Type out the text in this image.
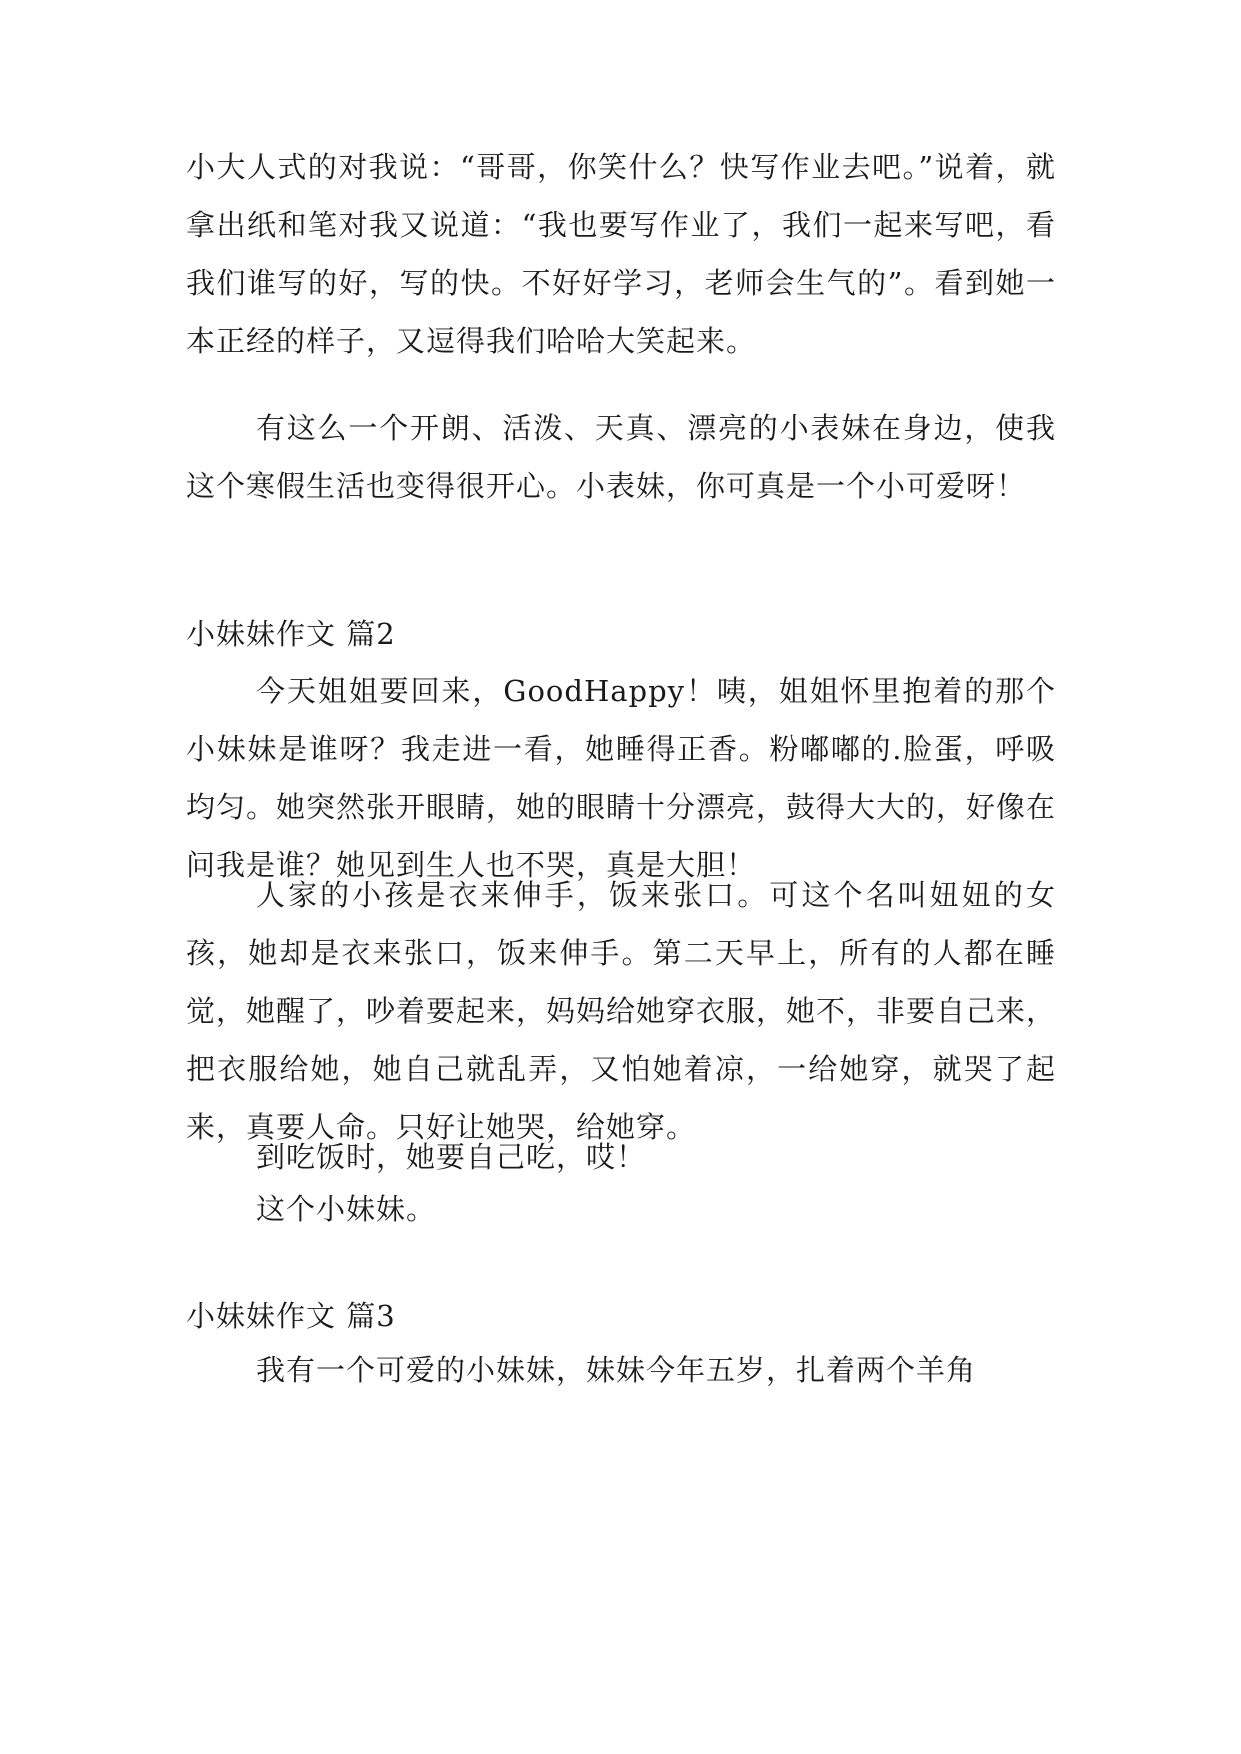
小大人式的对我说：“哥哥，你笑什么？快写作业去吧。”说着，就拿出纸和笔对我又说道：“我也要写作业了，我们一起来写吧，看我们谁写的好，写的快。不好好学习，老师会生气的”。看到她一本正经的样子，又逗得我们哈哈大笑起来。

有这么一个开朗、活泼、天真、漂亮的小表妹在身边，使我这个寒假生活也变得很开心。小表妹，你可真是一个小可爱呀！

小妹妹作文 篇2

今天姐姐要回来，GoodHappy！咦，姐姐怀里抱着的那个小妹妹是谁呀？我走进一看，她睡得正香。粉嘟嘟的.脸蛋，呼吸均匀。她突然张开眼睛，她的眼睛十分漂亮，鼓得大大的，好像在问我是谁？她见到生人也不哭，真是大胆！

人家的小孩是衣来伸手，饭来张口。可这个名叫妞妞的女孩，她却是衣来张口，饭来伸手。第二天早上，所有的人都在睡觉，她醒了，吵着要起来，妈妈给她穿衣服，她不，非要自己来，把衣服给她，她自己就乱弄，又怕她着凉，一给她穿，就哭了起来，真要人命。只好让她哭，给她穿。

到吃饭时，她要自己吃，哎！

这个小妹妹。

小妹妹作文 篇3

我有一个可爱的小妹妹，妹妹今年五岁，扎着两个羊角
